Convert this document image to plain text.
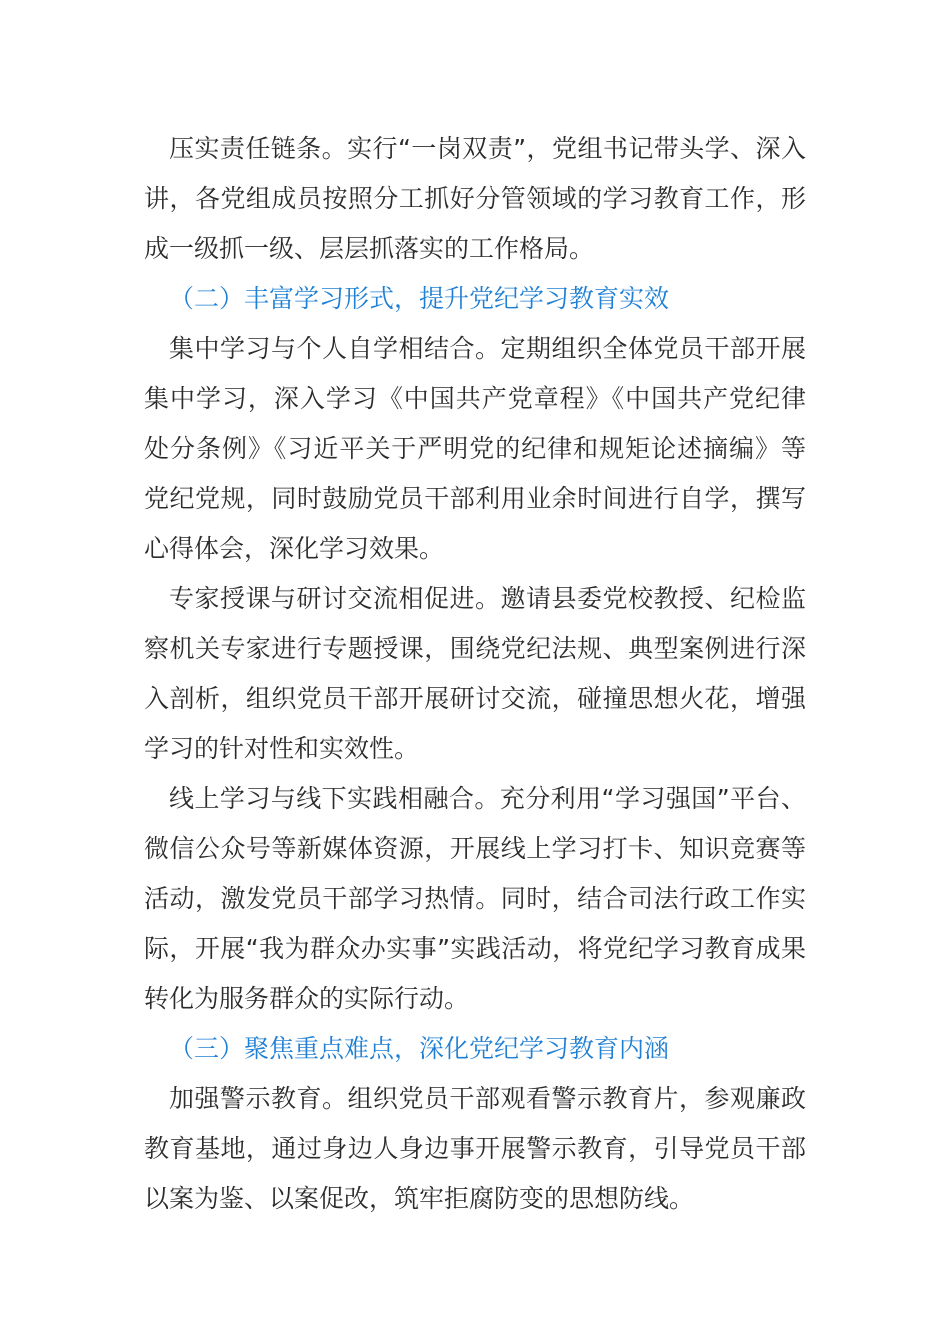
压实责任链条。实行“一岗双责”，党组书记带头学、深入讲，各党组成员按照分工抓好分管领域的学习教育工作，形成一级抓一级、层层抓落实的工作格局。

（二）丰富学习形式，提升党纪学习教育实效

集中学习与个人自学相结合。定期组织全体党员干部开展集中学习，深入学习《中国共产党章程》《中国共产党纪律处分条例》《习近平关于严明党的纪律和规矩论述摘编》等党纪党规，同时鼓励党员干部利用业余时间进行自学，撰写心得体会，深化学习效果。

专家授课与研讨交流相促进。邀请县委党校教授、纪检监察机关专家进行专题授课，围绕党纪法规、典型案例进行深入剖析，组织党员干部开展研讨交流，碰撞思想火花，增强学习的针对性和实效性。

线上学习与线下实践相融合。充分利用“学习强国”平台、微信公众号等新媒体资源，开展线上学习打卡、知识竞赛等活动，激发党员干部学习热情。同时，结合司法行政工作实际，开展“我为群众办实事”实践活动，将党纪学习教育成果转化为服务群众的实际行动。

（三）聚焦重点难点，深化党纪学习教育内涵

加强警示教育。组织党员干部观看警示教育片，参观廉政教育基地，通过身边人身边事开展警示教育，引导党员干部以案为鉴、以案促改，筑牢拒腐防变的思想防线。
